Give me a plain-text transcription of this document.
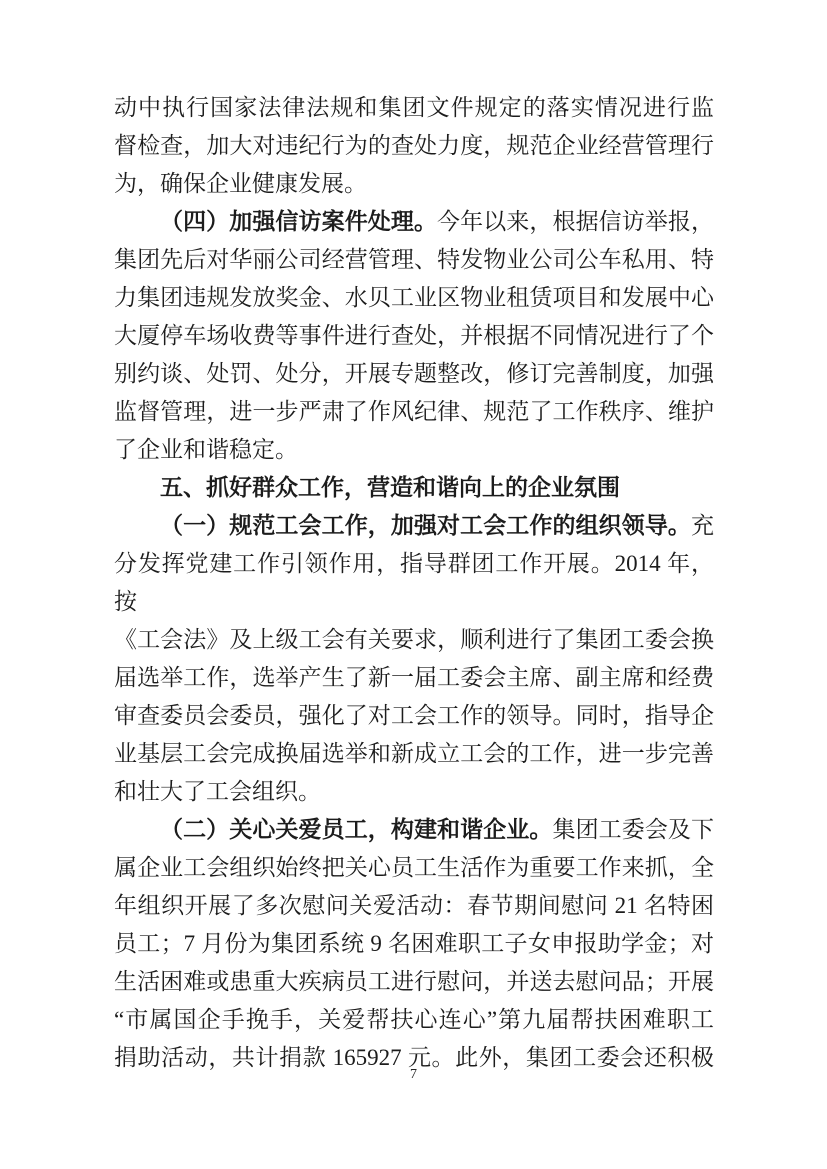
动中执行国家法律法规和集团文件规定的落实情况进行监
督检查，加大对违纪行为的查处力度，规范企业经营管理行
为，确保企业健康发展。
（四）加强信访案件处理。今年以来，根据信访举报，
集团先后对华丽公司经营管理、特发物业公司公车私用、特
力集团违规发放奖金、水贝工业区物业租赁项目和发展中心
大厦停车场收费等事件进行查处，并根据不同情况进行了个
别约谈、处罚、处分，开展专题整改，修订完善制度，加强
监督管理，进一步严肃了作风纪律、规范了工作秩序、维护
了企业和谐稳定。
五、抓好群众工作，营造和谐向上的企业氛围
（一）规范工会工作，加强对工会工作的组织领导。充
分发挥党建工作引领作用，指导群团工作开展。2014 年，按
《工会法》及上级工会有关要求，顺利进行了集团工委会换
届选举工作，选举产生了新一届工委会主席、副主席和经费
审查委员会委员，强化了对工会工作的领导。同时，指导企
业基层工会完成换届选举和新成立工会的工作，进一步完善
和壮大了工会组织。
（二）关心关爱员工，构建和谐企业。集团工委会及下
属企业工会组织始终把关心员工生活作为重要工作来抓，全
年组织开展了多次慰问关爱活动：春节期间慰问 21 名特困
员工；7 月份为集团系统 9 名困难职工子女申报助学金；对
生活困难或患重大疾病员工进行慰问，并送去慰问品；开展
“市属国企手挽手，关爱帮扶心连心”第九届帮扶困难职工
捐助活动，共计捐款 165927 元。此外，集团工委会还积极
7
